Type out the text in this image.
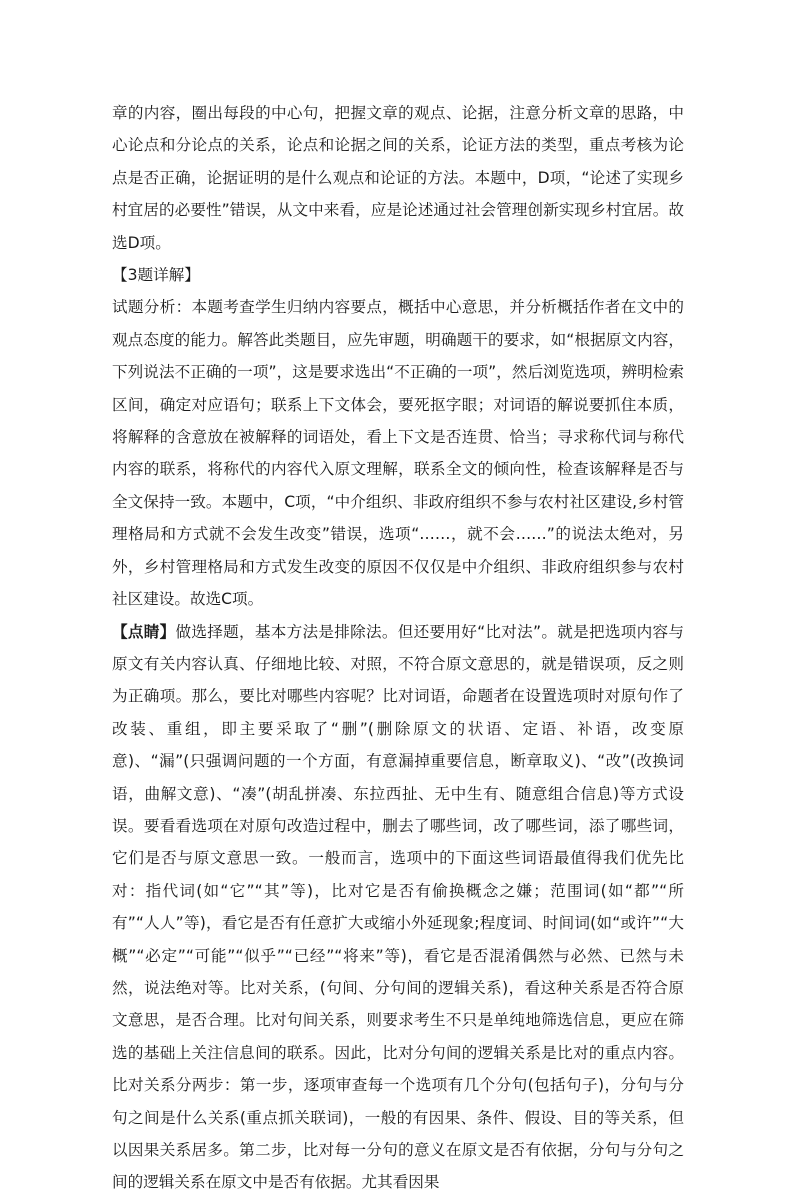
章的内容，圈出每段的中心句，把握文章的观点、论据，注意分析文章的思路，中心论点和分论点的关系，论点和论据之间的关系，论证方法的类型，重点考核为论点是否正确，论据证明的是什么观点和论证的方法。本题中，D项，“论述了实现乡村宜居的必要性”错误，从文中来看，应是论述通过社会管理创新实现乡村宜居。故选D项。

【3题详解】

试题分析：本题考查学生归纳内容要点，概括中心意思，并分析概括作者在文中的观点态度的能力。解答此类题目，应先审题，明确题干的要求，如“根据原文内容，下列说法不正确的一项”，这是要求选出“不正确的一项”，然后浏览选项，辨明检索区间，确定对应语句；联系上下文体会，要死抠字眼；对词语的解说要抓住本质，将解释的含意放在被解释的词语处，看上下文是否连贯、恰当；寻求称代词与称代内容的联系，将称代的内容代入原文理解，联系全文的倾向性，检查该解释是否与全文保持一致。本题中，C项，“中介组织、非政府组织不参与农村社区建设,乡村管理格局和方式就不会发生改变”错误，选项“……，就不会……”的说法太绝对，另外，乡村管理格局和方式发生改变的原因不仅仅是中介组织、非政府组织参与农村社区建设。故选C项。

【点睛】做选择题，基本方法是排除法。但还要用好“比对法”。就是把选项内容与原文有关内容认真、仔细地比较、对照，不符合原文意思的，就是错误项，反之则为正确项。那么，要比对哪些内容呢？比对词语，命题者在设置选项时对原句作了改装、重组，即主要采取了“删”(删除原文的状语、定语、补语，改变原意)、“漏”(只强调问题的一个方面，有意漏掉重要信息，断章取义)、“改”(改换词语，曲解文意)、“凑”(胡乱拼凑、东拉西扯、无中生有、随意组合信息)等方式设误。要看看选项在对原句改造过程中，删去了哪些词，改了哪些词，添了哪些词，它们是否与原文意思一致。一般而言，选项中的下面这些词语最值得我们优先比对：指代词(如“它”“其”等)，比对它是否有偷换概念之嫌；范围词(如“都”“所有”“人人”等)，看它是否有任意扩大或缩小外延现象;程度词、时间词(如“或许”“大概”“必定”“可能”“似乎”“已经”“将来”等)，看它是否混淆偶然与必然、已然与未然，说法绝对等。比对关系，(句间、分句间的逻辑关系)，看这种关系是否符合原文意思，是否合理。比对句间关系，则要求考生不只是单纯地筛选信息，更应在筛选的基础上关注信息间的联系。因此，比对分句间的逻辑关系是比对的重点内容。比对关系分两步：第一步，逐项审查每一个选项有几个分句(包括句子)，分句与分句之间是什么关系(重点抓关联词)，一般的有因果、条件、假设、目的等关系，但以因果关系居多。第二步，比对每一分句的意义在原文是否有依据，分句与分句之间的逻辑关系在原文中是否有依据。尤其看因果
